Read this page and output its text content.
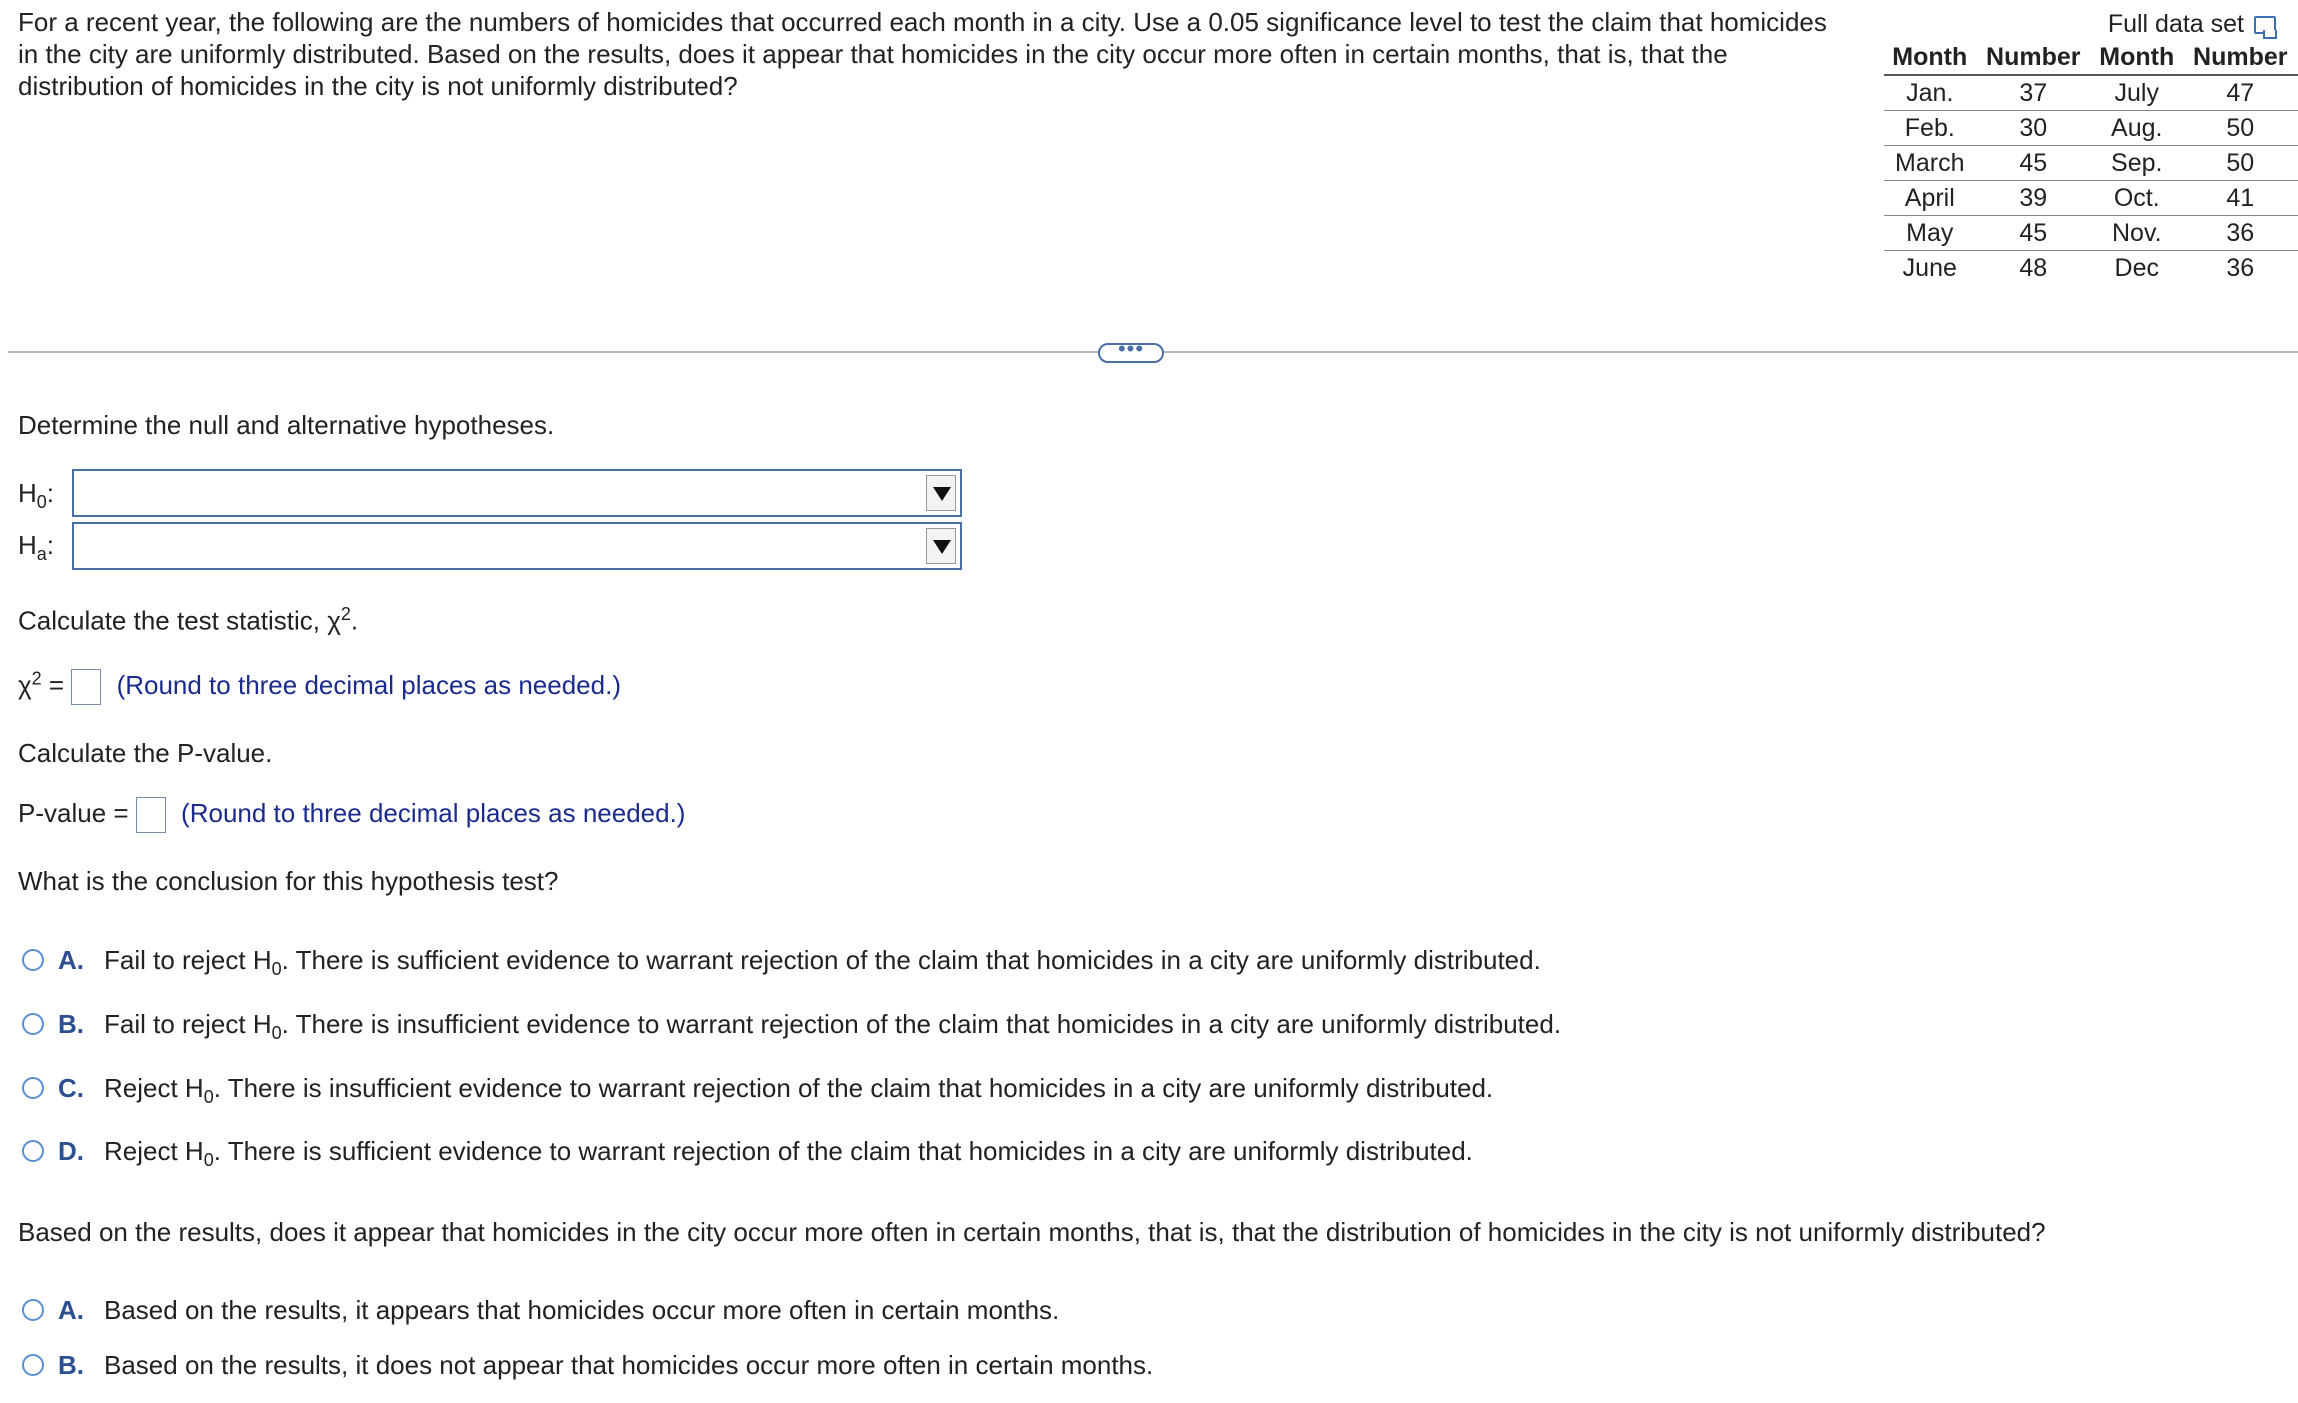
For a recent year, the following are the numbers of homicides that occurred each month in a city. Use a 0.05 significance level to test the claim that homicides in the city are uniformly distributed. Based on the results, does it appear that homicides in the city occur more often in certain months, that is, that the distribution of homicides in the city is not uniformly distributed?
Full data set
Month	Number	Month	Number
Jan.	37	July	47
Feb.	30	Aug.	50
March	45	Sep.	50
April	39	Oct.	41
May	45	Nov.	36
June	48	Dec	36
•••
Determine the null and alternative hypotheses.
$H_0$:
$H_a$:
Calculate the test statistic, $\chi^2$.
$\chi^2$ = (Round to three decimal places as needed.)
Calculate the P-value.
P-value = (Round to three decimal places as needed.)
What is the conclusion for this hypothesis test?
A. Fail to reject $H_0$. There is sufficient evidence to warrant rejection of the claim that homicides in a city are uniformly distributed.
B. Fail to reject $H_0$. There is insufficient evidence to warrant rejection of the claim that homicides in a city are uniformly distributed.
C. Reject $H_0$. There is insufficient evidence to warrant rejection of the claim that homicides in a city are uniformly distributed.
D. Reject $H_0$. There is sufficient evidence to warrant rejection of the claim that homicides in a city are uniformly distributed.
Based on the results, does it appear that homicides in the city occur more often in certain months, that is, that the distribution of homicides in the city is not uniformly distributed?
A. Based on the results, it appears that homicides occur more often in certain months.
B. Based on the results, it does not appear that homicides occur more often in certain months.
